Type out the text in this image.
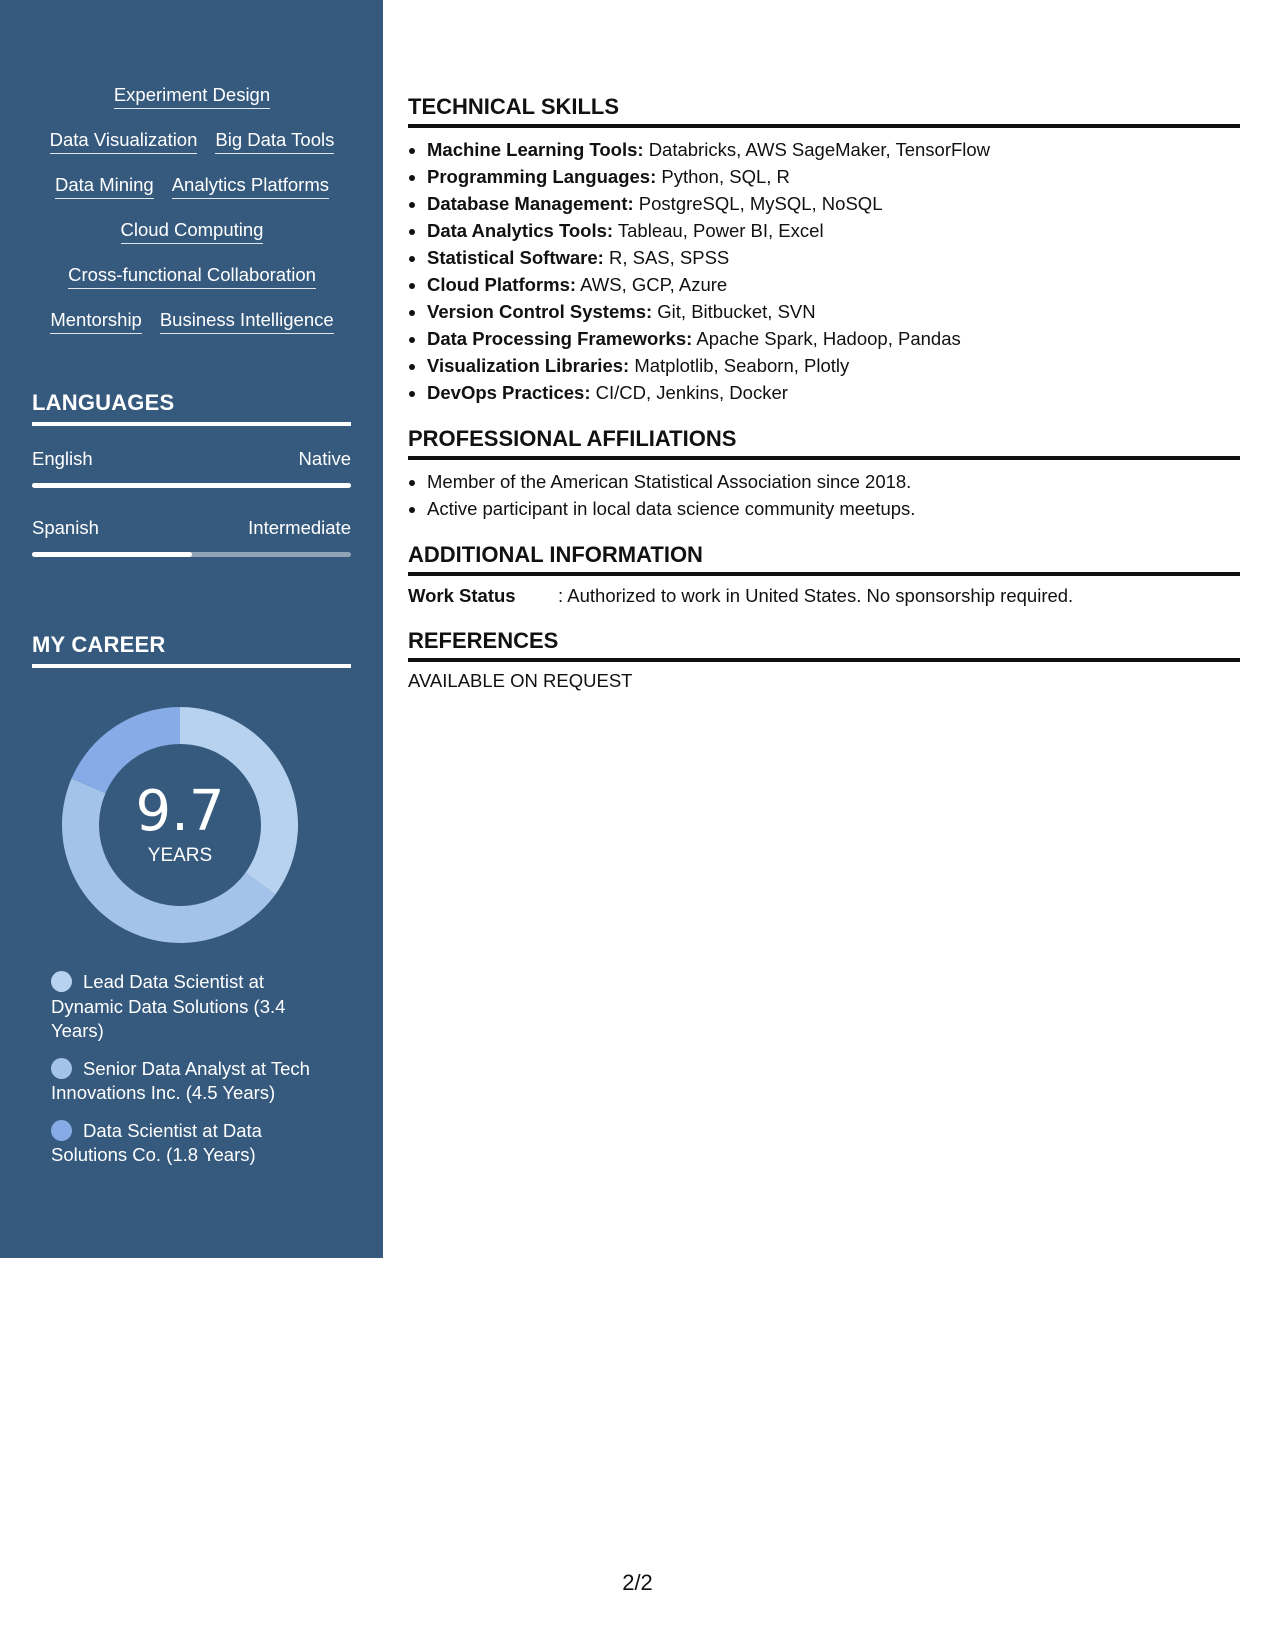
Experiment Design
Data Visualization Big Data Tools
Data Mining Analytics Platforms
Cloud Computing
Cross-functional Collaboration
Mentorship Business Intelligence
LANGUAGES
English	Native
Spanish	Intermediate
MY CAREER
9.7
YEARS
Lead Data Scientist at Dynamic Data Solutions (3.4 Years)
Senior Data Analyst at Tech Innovations Inc. (4.5 Years)
Data Scientist at Data Solutions Co. (1.8 Years)
TECHNICAL SKILLS
• Machine Learning Tools: Databricks, AWS SageMaker, TensorFlow
• Programming Languages: Python, SQL, R
• Database Management: PostgreSQL, MySQL, NoSQL
• Data Analytics Tools: Tableau, Power BI, Excel
• Statistical Software: R, SAS, SPSS
• Cloud Platforms: AWS, GCP, Azure
• Version Control Systems: Git, Bitbucket, SVN
• Data Processing Frameworks: Apache Spark, Hadoop, Pandas
• Visualization Libraries: Matplotlib, Seaborn, Plotly
• DevOps Practices: CI/CD, Jenkins, Docker
PROFESSIONAL AFFILIATIONS
• Member of the American Statistical Association since 2018.
• Active participant in local data science community meetups.
ADDITIONAL INFORMATION
Work Status	: Authorized to work in United States. No sponsorship required.
REFERENCES
AVAILABLE ON REQUEST
2/2
